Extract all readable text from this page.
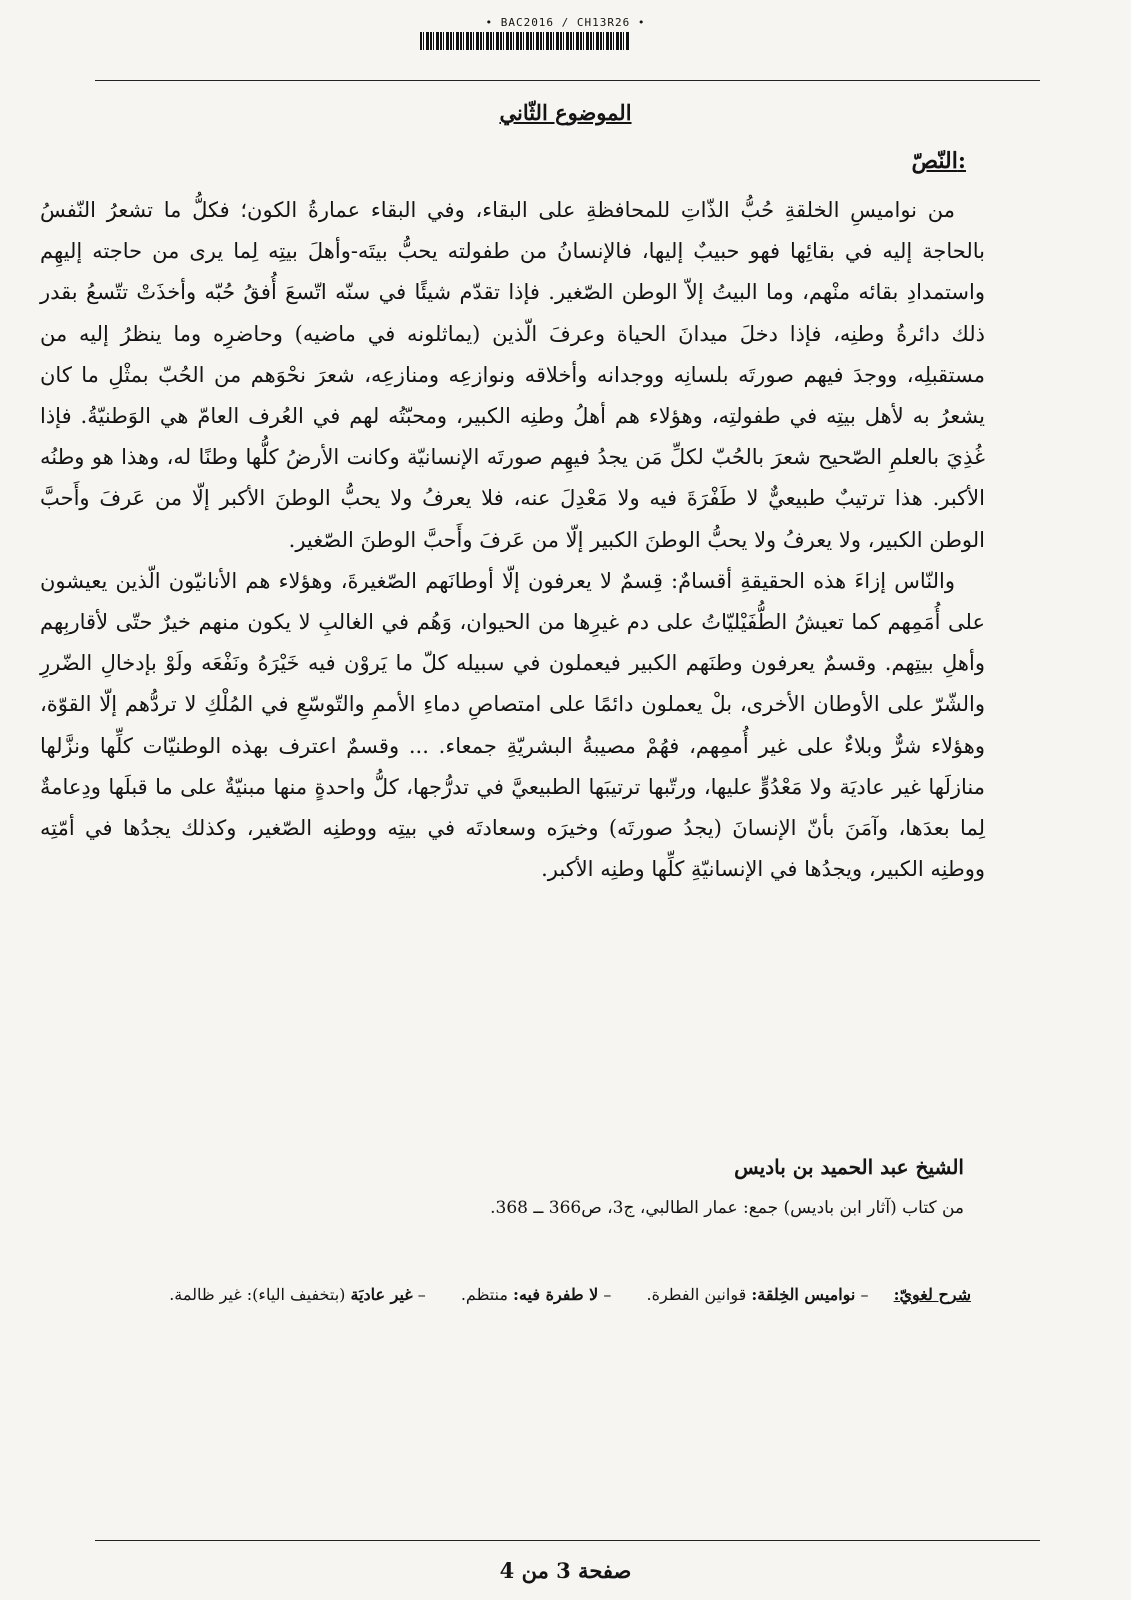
• BAC2016 / CH13R26 •
الموضوع الثّاني
النّصّ:

من نواميسِ الخلقةِ حُبُّ الذّاتِ للمحافظةِ على البقاء، وفي البقاء عمارةُ الكون؛ فكلُّ ما تشعرُ النّفسُ بالحاجة إليه في بقائِها فهو حبيبٌ إليها، فالإنسانُ من طفولته يحبُّ بيتَه-وأهلَ بيتِه لِما يرى من حاجته إليهِم واستمدادِ بقائه منْهم، وما البيتُ إلاّ الوطن الصّغير. فإذا تقدّم شيئًا في سنّه اتّسعَ أُفقُ حُبّه وأخذَتْ تتّسعُ بقدر ذلك دائرةُ وطنِه، فإذا دخلَ ميدانَ الحياة وعرفَ الّذين (يماثلونه في ماضيه) وحاضرِه وما ينظرُ إليه من مستقبلِه، ووجدَ فيهم صورتَه بلسانِه ووجدانه وأخلاقه ونوازعِه ومنازعِه، شعرَ نحْوَهم من الحُبّ بمثْلِ ما كان يشعرُ به لأهل بيتِه في طفولتِه، وهؤلاء هم أهلُ وطنِه الكبير، ومحبّتُه لهم في العُرف العامّ هي الوَطنيّةُ. فإذا غُذِيَ بالعلمِ الصّحيح شعرَ بالحُبّ لكلِّ مَن يجدُ فيهِم صورتَه الإنسانيّة وكانت الأرضُ كلُّها وطنًا له، وهذا هو وطنُه الأكبر. هذا ترتيبٌ طبيعيٌّ لا طَفْرَةَ فيه ولا مَعْدِلَ عنه، فلا يعرفُ ولا يحبُّ الوطنَ الأكبر إلّا من عَرفَ وأَحبَّ الوطن الكبير، ولا يعرفُ ولا يحبُّ الوطنَ الكبير إلّا من عَرفَ وأَحبَّ الوطنَ الصّغير.

والنّاس إزاءَ هذه الحقيقةِ أقسامٌ: قِسمٌ لا يعرفون إلّا أوطانَهم الصّغيرةَ، وهؤلاء هم الأنانيّون الّذين يعيشون على أُمَمِهم كما تعيشُ الطُّفَيْليّاتُ على دم غيرِها من الحيوان، وَهُم في الغالبِ لا يكون منهم خيرٌ حتّى لأقاربِهم وأهلِ بيتِهم. وقسمٌ يعرفون وطنَهم الكبير فيعملون في سبيله كلّ ما يَروْن فيه خَيْرَهُ ونَفْعَه ولَوْ بإدخالِ الضّررِ والشّرّ على الأوطان الأخرى، بلْ يعملون دائمًا على امتصاصِ دماءِ الأممِ والتّوسّعِ في المُلْكِ لا تردُّهم إلّا القوّة، وهؤلاء شرٌّ وبلاءٌ على غير أُممِهم، فهُمْ مصيبةُ البشريّةِ جمعاء. ... وقسمٌ اعترف بهذه الوطنيّات كلِّها ونزَّلها منازلَها غير عاديَة ولا مَعْدُوٍّ عليها، ورتّبها ترتيبَها الطبيعيَّ في تدرُّجها، كلُّ واحدةٍ منها مبنيّةٌ على ما قبلَها ودِعامةٌ لِما بعدَها، وآمَنَ بأنّ الإنسانَ (يجدُ صورتَه) وخيرَه وسعادتَه في بيتِه ووطنِه الصّغير، وكذلك يجدُها في أمّتِه ووطنِه الكبير، ويجدُها في الإنسانيّةِ كلِّها وطنِه الأكبر.

الشيخ عبد الحميد بن باديس
من كتاب (آثار ابن باديس) جمع: عمار الطالبي، ج3، ص366 ــ 368.
شرح لغويّ: – نواميس الخِلقة: قوانين الفطرة. – لا طفرة فيه: منتظم. – غير عاديَة (بتخفيف الياء): غير ظالمة.
صفحة 3 من 4
